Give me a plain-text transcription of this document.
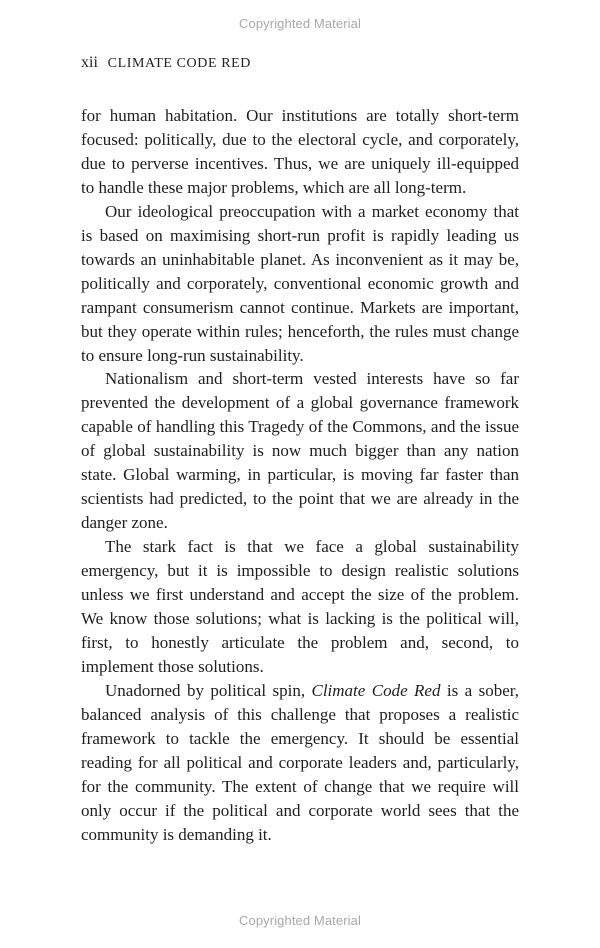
Copyrighted Material
xii CLIMATE CODE RED

for human habitation. Our institutions are totally short-term focused: politically, due to the electoral cycle, and corporately, due to perverse incentives. Thus, we are uniquely ill-equipped to handle these major problems, which are all long-term.

Our ideological preoccupation with a market economy that is based on maximising short-run profit is rapidly leading us towards an uninhabitable planet. As inconvenient as it may be, politically and corporately, conventional economic growth and rampant consumerism cannot continue. Markets are important, but they operate within rules; henceforth, the rules must change to ensure long-run sustainability.

Nationalism and short-term vested interests have so far prevented the development of a global governance framework capable of handling this Tragedy of the Commons, and the issue of global sustainability is now much bigger than any nation state. Global warming, in particular, is moving far faster than scientists had predicted, to the point that we are already in the danger zone.

The stark fact is that we face a global sustainability emergency, but it is impossible to design realistic solutions unless we first understand and accept the size of the problem. We know those solutions; what is lacking is the political will, first, to honestly articulate the problem and, second, to implement those solutions.

Unadorned by political spin, Climate Code Red is a sober, balanced analysis of this challenge that proposes a realistic framework to tackle the emergency. It should be essential reading for all political and corporate leaders and, particularly, for the community. The extent of change that we require will only occur if the political and corporate world sees that the community is demanding it.

Copyrighted Material
